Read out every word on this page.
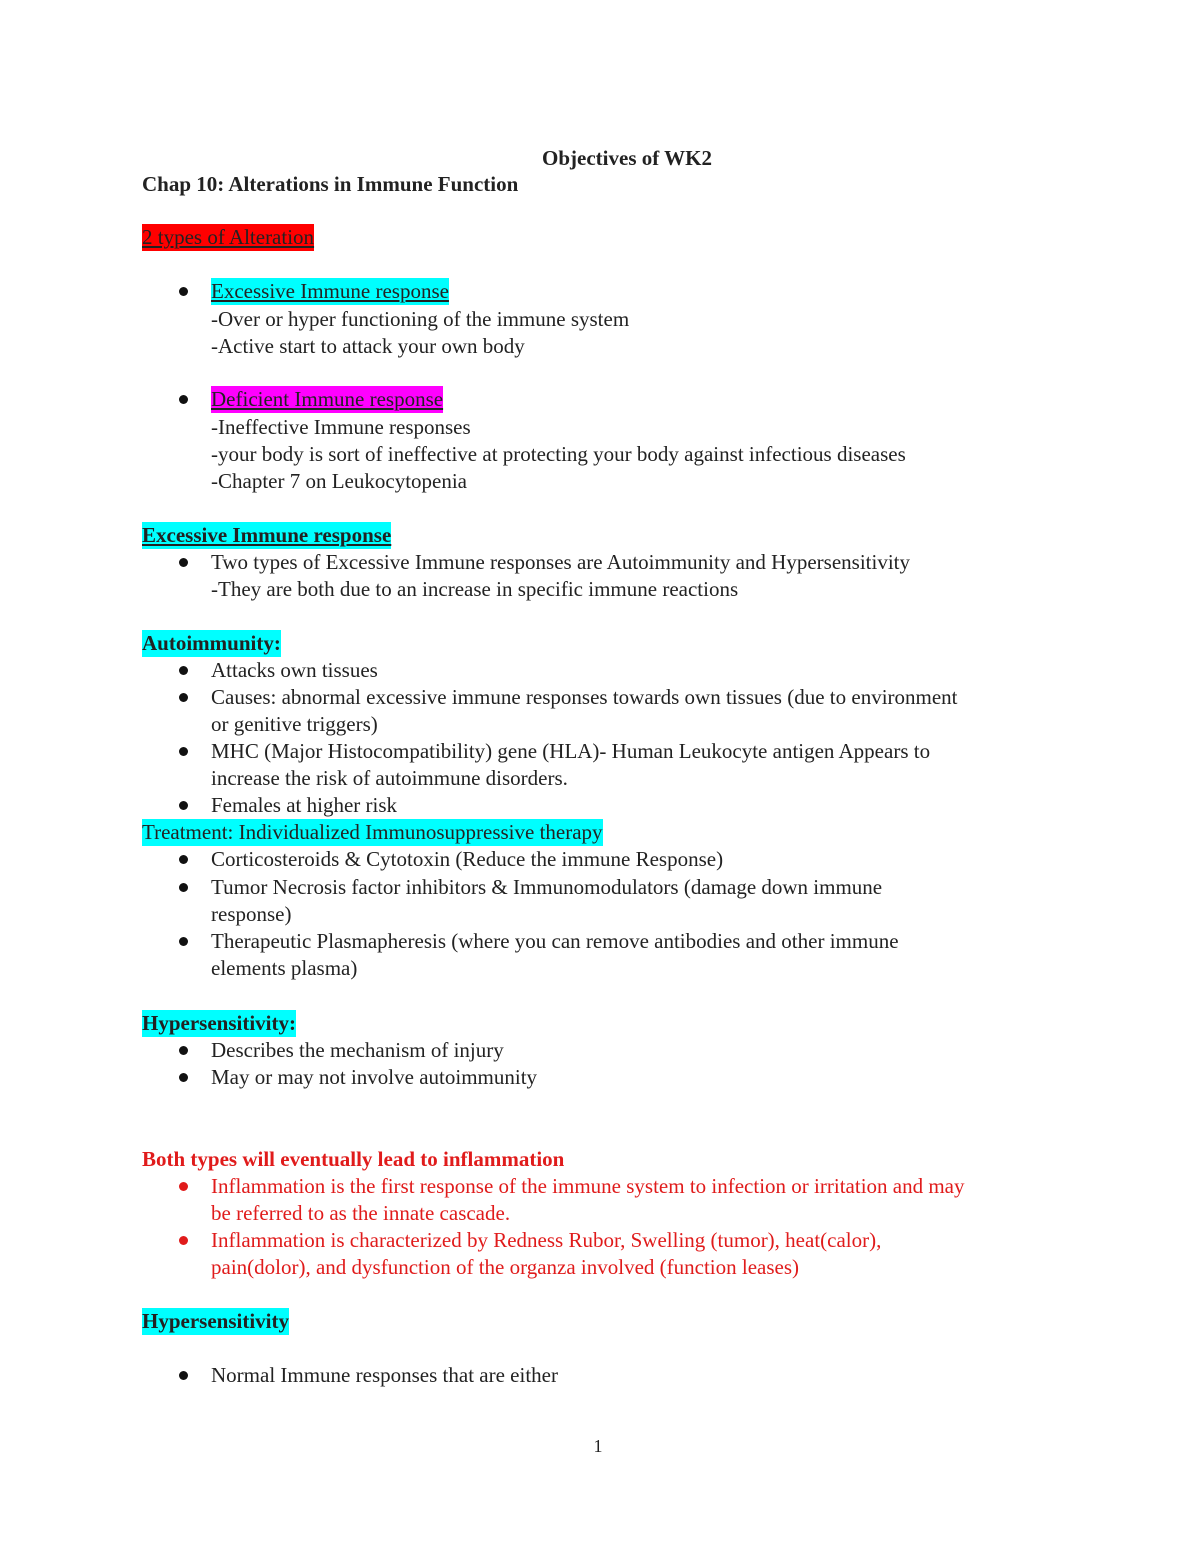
Objectives of WK2
Chap 10: Alterations in Immune Function
2 types of Alteration
Excessive Immune response
-Over or hyper functioning of the immune system
-Active start to attack your own body
Deficient Immune response
-Ineffective Immune responses
-your body is sort of ineffective at protecting your body against infectious diseases
-Chapter 7 on Leukocytopenia
Excessive Immune response
Two types of Excessive Immune responses are Autoimmunity and Hypersensitivity
-They are both due to an increase in specific immune reactions
Autoimmunity:
Attacks own tissues
Causes: abnormal excessive immune responses towards own tissues (due to environment
or genitive triggers)
MHC (Major Histocompatibility) gene (HLA)- Human Leukocyte antigen Appears to
increase the risk of autoimmune disorders.
Females at higher risk
Treatment: Individualized Immunosuppressive therapy
Corticosteroids & Cytotoxin (Reduce the immune Response)
Tumor Necrosis factor inhibitors & Immunomodulators (damage down immune
response)
Therapeutic Plasmapheresis (where you can remove antibodies and other immune
elements plasma)
Hypersensitivity:
Describes the mechanism of injury
May or may not involve autoimmunity
Both types will eventually lead to inflammation
Inflammation is the first response of the immune system to infection or irritation and may
be referred to as the innate cascade.
Inflammation is characterized by Redness Rubor, Swelling (tumor), heat(calor),
pain(dolor), and dysfunction of the organza involved (function leases)
Hypersensitivity
Normal Immune responses that are either
1
